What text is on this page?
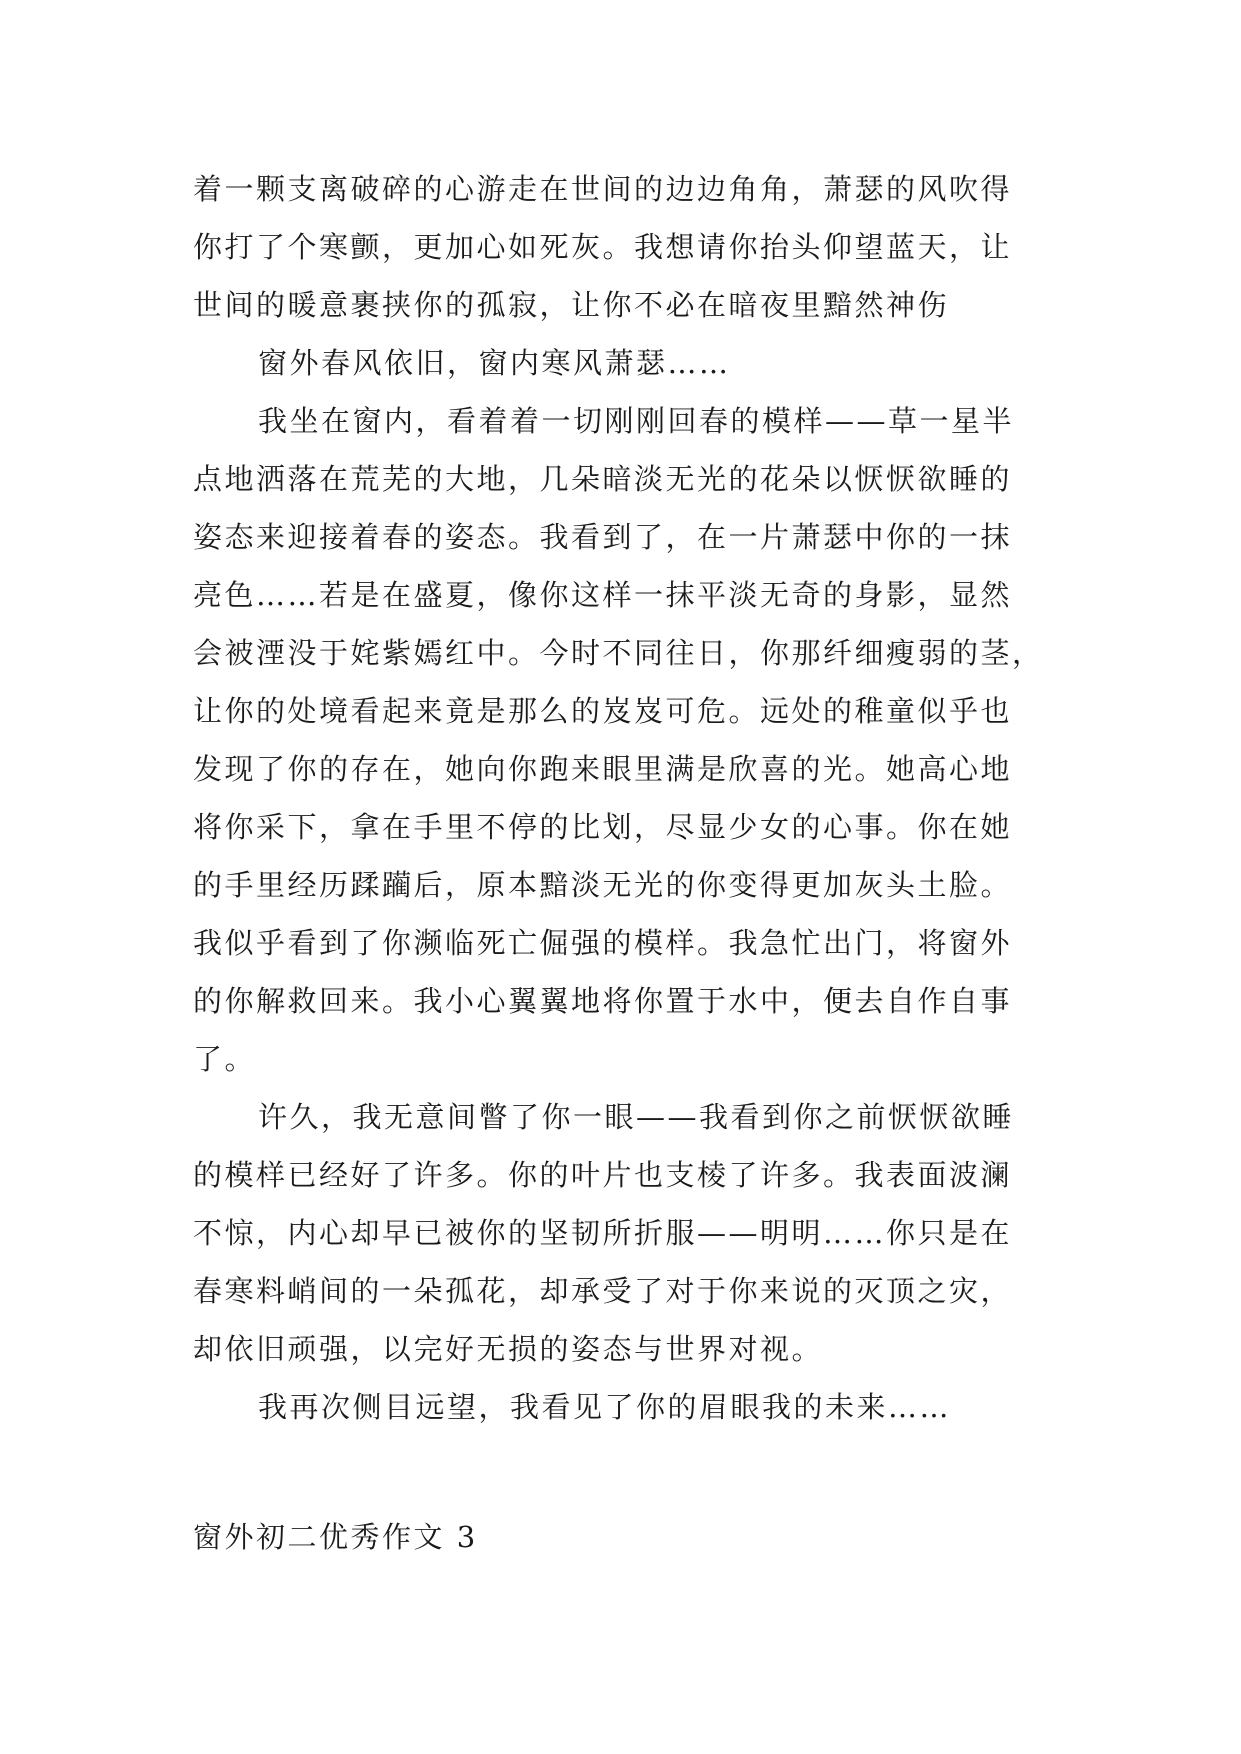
着一颗支离破碎的心游走在世间的边边角角，萧瑟的风吹得
你打了个寒颤，更加心如死灰。我想请你抬头仰望蓝天，让
世间的暖意裹挟你的孤寂，让你不必在暗夜里黯然神伤
窗外春风依旧，窗内寒风萧瑟……
我坐在窗内，看着着一切刚刚回春的模样——草一星半
点地洒落在荒芜的大地，几朵暗淡无光的花朵以恹恹欲睡的
姿态来迎接着春的姿态。我看到了，在一片萧瑟中你的一抹
亮色……若是在盛夏，像你这样一抹平淡无奇的身影，显然
会被湮没于姹紫嫣红中。今时不同往日，你那纤细瘦弱的茎，
让你的处境看起来竟是那么的岌岌可危。远处的稚童似乎也
发现了你的存在，她向你跑来眼里满是欣喜的光。她高心地
将你采下，拿在手里不停的比划，尽显少女的心事。你在她
的手里经历蹂躏后，原本黯淡无光的你变得更加灰头土脸。
我似乎看到了你濒临死亡倔强的模样。我急忙出门，将窗外
的你解救回来。我小心翼翼地将你置于水中，便去自作自事
了。
许久，我无意间瞥了你一眼——我看到你之前恹恹欲睡
的模样已经好了许多。你的叶片也支棱了许多。我表面波澜
不惊，内心却早已被你的坚韧所折服——明明……你只是在
春寒料峭间的一朵孤花，却承受了对于你来说的灭顶之灾，
却依旧顽强，以完好无损的姿态与世界对视。
我再次侧目远望，我看见了你的眉眼我的未来……
窗外初二优秀作文 3
